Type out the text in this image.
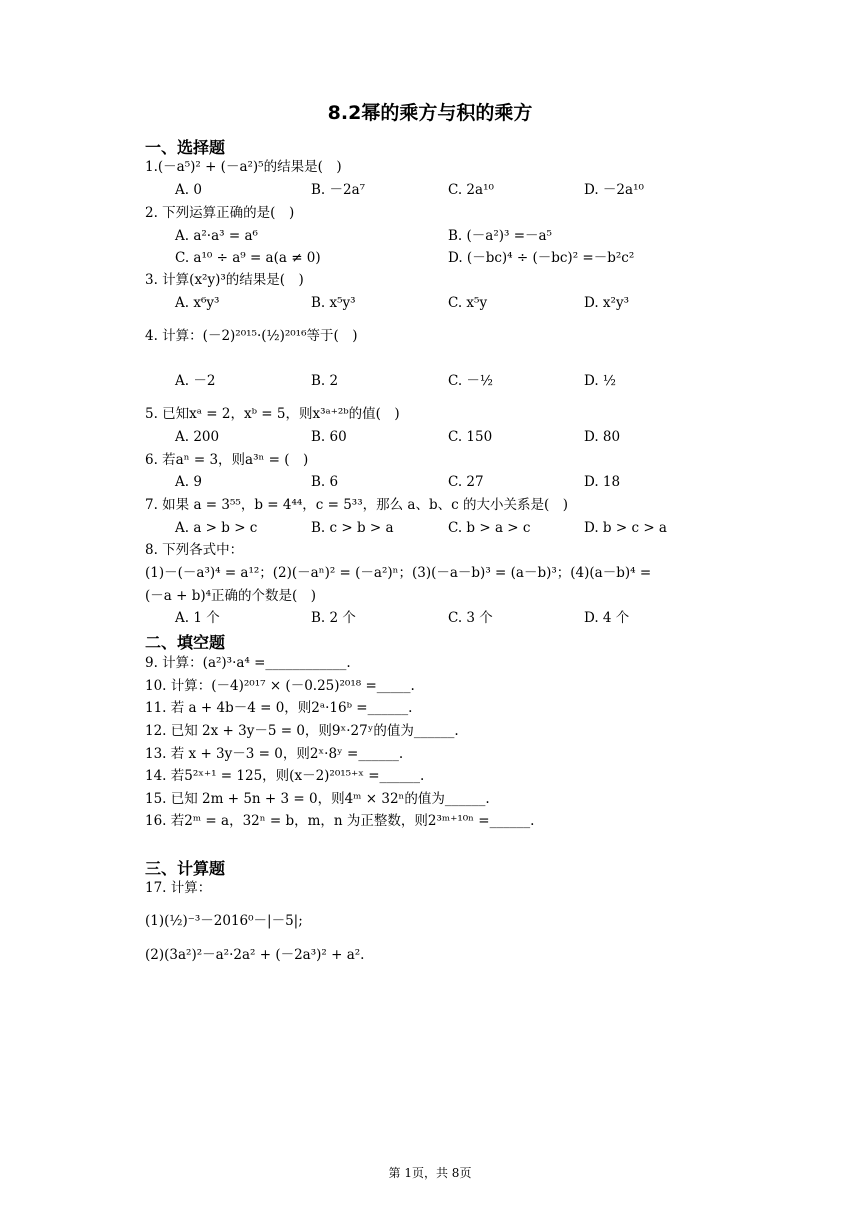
8.2幂的乘方与积的乘方
一、选择题
1.(－a⁵)² + (－a²)⁵的结果是(　)
A. 0	B. －2a⁷	C. 2a¹⁰	D. －2a¹⁰
2. 下列运算正确的是(　)
A. a²·a³ = a⁶	B. (－a²)³ =－a⁵
C. a¹⁰ ÷ a⁹ = a(a ≠ 0)	D. (－bc)⁴ ÷ (－bc)² =－b²c²
3. 计算(x²y)³的结果是(　)
A. x⁶y³	B. x⁵y³	C. x⁵y	D. x²y³
4. 计算：(－2)²⁰¹⁵·(½)²⁰¹⁶等于(　)
A. －2	B. 2	C. －½	D. ½
5. 已知xᵃ = 2，xᵇ = 5，则x³ᵃ⁺²ᵇ的值(　)
A. 200	B. 60	C. 150	D. 80
6. 若aⁿ = 3，则a³ⁿ = (　)
A. 9	B. 6	C. 27	D. 18
7. 如果 a = 3⁵⁵，b = 4⁴⁴，c = 5³³，那么 a、b、c 的大小关系是(　)
A. a > b > c	B. c > b > a	C. b > a > c	D. b > c > a
8. 下列各式中：
(1)－(－a³)⁴ = a¹²；(2)(－aⁿ)² = (－a²)ⁿ；(3)(－a－b)³ = (a－b)³；(4)(a－b)⁴ =
(－a + b)⁴正确的个数是(　)
A. 1 个	B. 2 个	C. 3 个	D. 4 个
二、填空题
9. 计算：(a²)³·a⁴ =____________.
10. 计算：(－4)²⁰¹⁷ × (－0.25)²⁰¹⁸ =_____.
11. 若 a + 4b－4 = 0，则2ᵃ·16ᵇ =______.
12. 已知 2x + 3y－5 = 0，则9ˣ·27ʸ的值为______.
13. 若 x + 3y－3 = 0，则2ˣ·8ʸ =______.
14. 若5²ˣ⁺¹ = 125，则(x－2)²⁰¹⁵⁺ˣ =______.
15. 已知 2m + 5n + 3 = 0，则4ᵐ × 32ⁿ的值为______.
16. 若2ᵐ = a，32ⁿ = b，m，n 为正整数，则2³ᵐ⁺¹⁰ⁿ =______.
三、计算题
17. 计算：
(1)(½)⁻³－2016⁰－|－5|;
(2)(3a²)²－a²·2a² + (－2a³)² + a².
第 1页，共 8页
